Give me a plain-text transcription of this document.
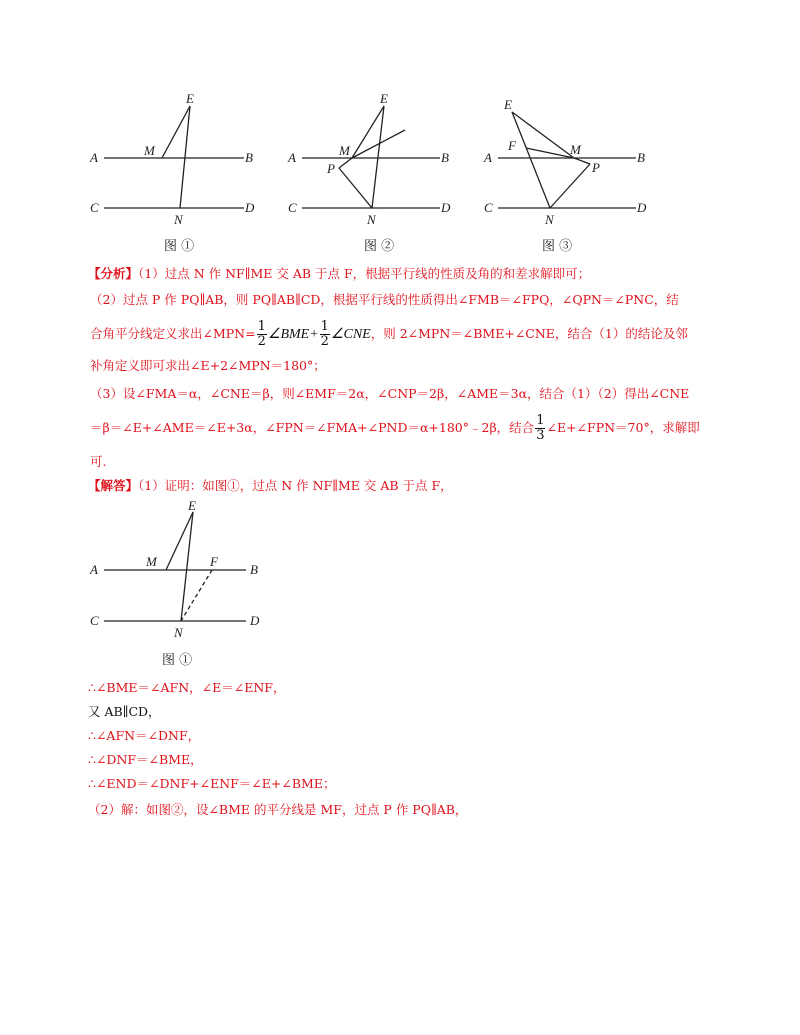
E
M
A	B
C	D
N
图 ①
E
M
A	B
P
C	D
N
图 ②
E
F	M
A	B
P
C	D
N
图 ③
【分析】（1）过点 N 作 NF∥ME 交 AB 于点 F，根据平行线的性质及角的和差求解即可；
（2）过点 P 作 PQ∥AB，则 PQ∥AB∥CD，根据平行线的性质得出∠FMB＝∠FPQ，∠QPN＝∠PNC，结
合角平分线定义求出∠MPN= $\frac{1}{2}$ ∠BME+ $\frac{1}{2}$ ∠CNE，则 2∠MPN＝∠BME+∠CNE，结合（1）的结论及邻
补角定义即可求出∠E+2∠MPN＝180°；
（3）设∠FMA＝α，∠CNE＝β，则∠EMF＝2α，∠CNP＝2β，∠AME＝3α，结合（1）（2）得出∠CNE
＝β＝∠E+∠AME＝∠E+3α，∠FPN＝∠FMA+∠PND＝α+180°﹣2β，结合 $\frac{1}{3}$ ∠E+∠FPN＝70°，求解即
可.
【解答】（1）证明：如图①，过点 N 作 NF∥ME 交 AB 于点 F，
E
M	F
A	B
C	D
N
图 ①
∴∠BME＝∠AFN，∠E＝∠ENF，
又 AB∥CD，
∴∠AFN＝∠DNF，
∴∠DNF＝∠BME，
∴∠END＝∠DNF+∠ENF＝∠E+∠BME；
（2）解：如图②，设∠BME 的平分线是 MF，过点 P 作 PQ∥AB，
